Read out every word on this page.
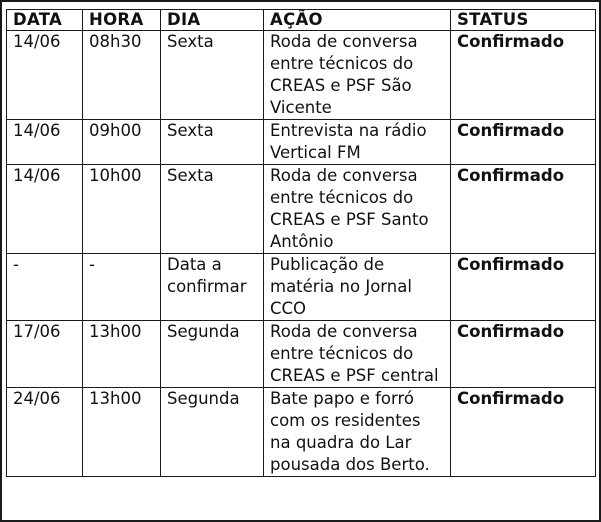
DATA	HORA	DIA	AÇÃO	STATUS
14/06	08h30	Sexta	Roda de conversa entre técnicos do CREAS e PSF São Vicente	Confirmado
14/06	09h00	Sexta	Entrevista na rádio Vertical FM	Confirmado
14/06	10h00	Sexta	Roda de conversa entre técnicos do CREAS e PSF Santo Antônio	Confirmado
-	-	Data a confirmar	Publicação de matéria no Jornal CCO	Confirmado
17/06	13h00	Segunda	Roda de conversa entre técnicos do CREAS e PSF central	Confirmado
24/06	13h00	Segunda	Bate papo e forró com os residentes na quadra do Lar pousada dos Berto.	Confirmado
